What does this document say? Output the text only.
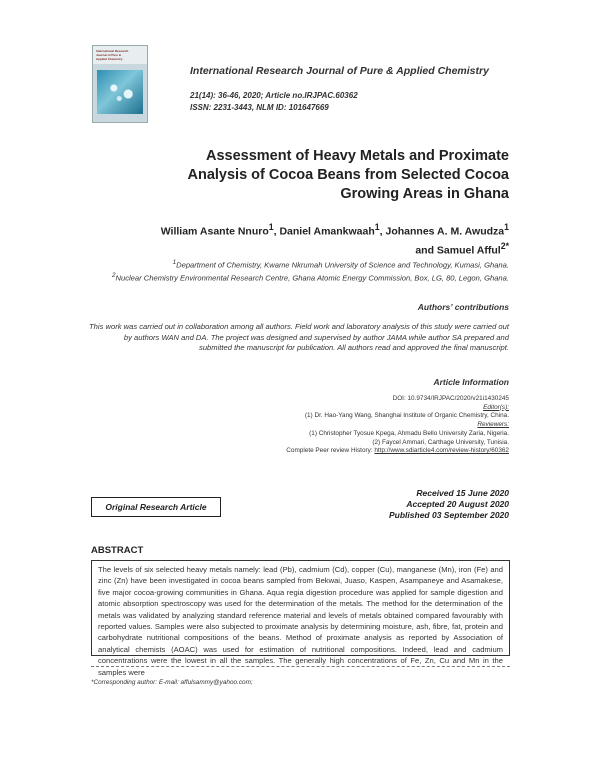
International Research
Journal of Pure &
Applied Chemistry
International Research Journal of Pure & Applied Chemistry
21(14): 36-46, 2020; Article no.IRJPAC.60362
ISSN: 2231-3443, NLM ID: 101647669
Assessment of Heavy Metals and Proximate Analysis of Cocoa Beans from Selected Cocoa Growing Areas in Ghana
William Asante Nnuro$^1$, Daniel Amankwaah$^1$, Johannes A. M. Awudza$^1$
and Samuel Afful$^{2*}$
$^1$Department of Chemistry, Kwame Nkrumah University of Science and Technology, Kumasi, Ghana.
$^2$Nuclear Chemistry Environmental Research Centre, Ghana Atomic Energy Commission, Box, LG, 80, Legon, Ghana.
Authors’ contributions
This work was carried out in collaboration among all authors. Field work and laboratory analysis of this study were carried out by authors WAN and DA. The project was designed and supervised by author JAMA while author SA prepared and submitted the manuscript for publication. All authors read and approved the final manuscript.
Article Information
DOI: 10.9734/IRJPAC/2020/v21i1430245
Editor(s):
(1) Dr. Hao-Yang Wang, Shanghai Institute of Organic Chemistry, China.
Reviewers:
(1) Christopher Tyosue Kpega, Ahmadu Bello University Zaria, Nigeria.
(2) Faycel Ammari, Carthage University, Tunisia.
Complete Peer review History: http://www.sdiarticle4.com/review-history/60362
Original Research Article
Received 15 June 2020
Accepted 20 August 2020
Published 03 September 2020
ABSTRACT

The levels of six selected heavy metals namely: lead (Pb), cadmium (Cd), copper (Cu), manganese (Mn), iron (Fe) and zinc (Zn) have been investigated in cocoa beans sampled from Bekwai, Juaso, Kaspen, Asampaneye and Asamakese, five major cocoa-growing communities in Ghana. Aqua regia digestion procedure was applied for sample digestion and atomic absorption spectroscopy was used for the determination of the metals. The method for the determination of the metals was validated by analyzing standard reference material and levels of metals obtained compared favourably with reported values. Samples were also subjected to proximate analysis by determining moisture, ash, fibre, fat, protein and carbohydrate nutritional compositions of the beans. Method of proximate analysis as reported by Association of analytical chemists (AOAC) was used for estimation of nutritional compositions. Indeed, lead and cadmium concentrations were the lowest in all the samples. The generally high concentrations of Fe, Zn, Cu and Mn in the samples were

*Corresponding author: E-mail: affulsammy@yahoo.com;
